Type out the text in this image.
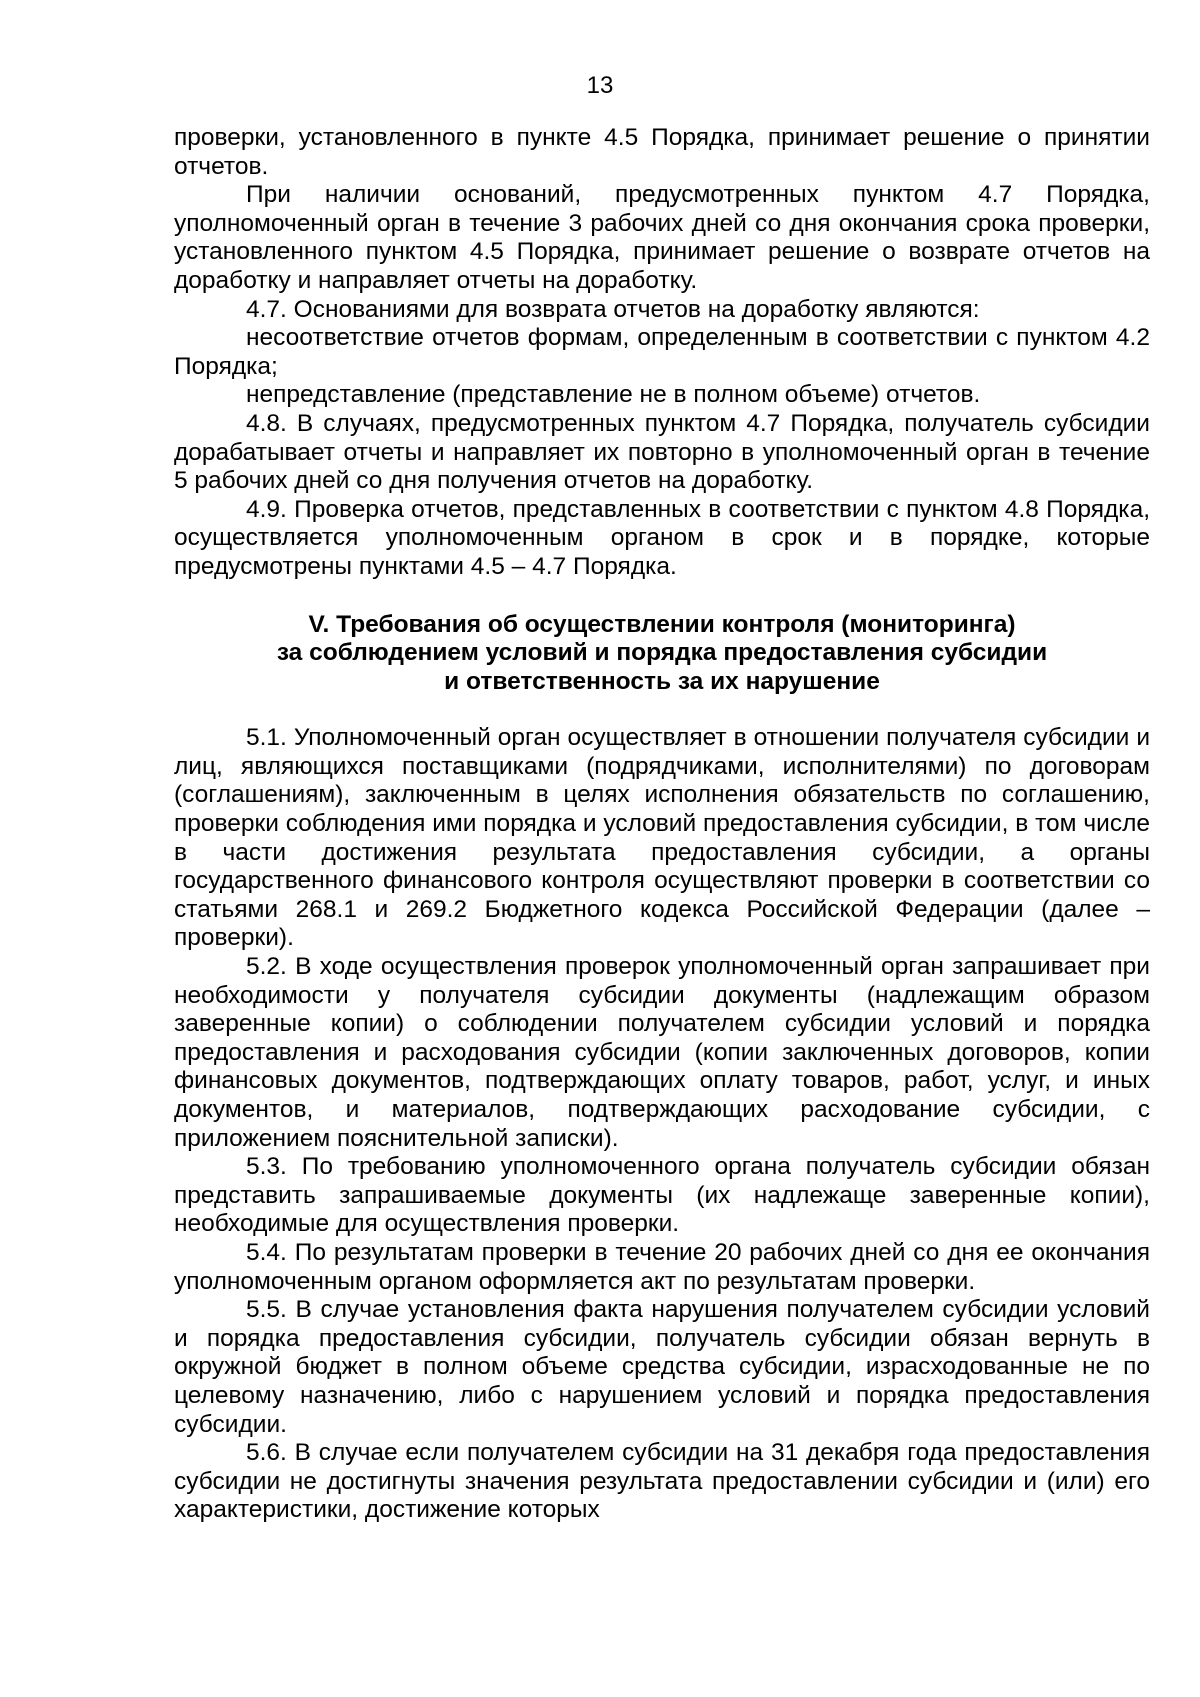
13

проверки, установленного в пункте 4.5 Порядка, принимает решение о принятии отчетов.

При наличии оснований, предусмотренных пунктом 4.7 Порядка, уполномоченный орган в течение 3 рабочих дней со дня окончания срока проверки, установленного пунктом 4.5 Порядка, принимает решение о возврате отчетов на доработку и направляет отчеты на доработку.

4.7. Основаниями для возврата отчетов на доработку являются:

несоответствие отчетов формам, определенным в соответствии с пунктом 4.2 Порядка;

непредставление (представление не в полном объеме) отчетов.

4.8. В случаях, предусмотренных пунктом 4.7 Порядка, получатель субсидии дорабатывает отчеты и направляет их повторно в уполномоченный орган в течение 5 рабочих дней со дня получения отчетов на доработку.

4.9. Проверка отчетов, представленных в соответствии с пунктом 4.8 Порядка, осуществляется уполномоченным органом в срок и в порядке, которые предусмотрены пунктами 4.5 – 4.7 Порядка.

V. Требования об осуществлении контроля (мониторинга)
за соблюдением условий и порядка предоставления субсидии
и ответственность за их нарушение

5.1. Уполномоченный орган осуществляет в отношении получателя субсидии и лиц, являющихся поставщиками (подрядчиками, исполнителями) по договорам (соглашениям), заключенным в целях исполнения обязательств по соглашению, проверки соблюдения ими порядка и условий предоставления субсидии, в том числе в части достижения результата предоставления субсидии, а органы государственного финансового контроля осуществляют проверки в соответствии со статьями 268.1 и 269.2 Бюджетного кодекса Российской Федерации (далее – проверки).

5.2. В ходе осуществления проверок уполномоченный орган запрашивает при необходимости у получателя субсидии документы (надлежащим образом заверенные копии) о соблюдении получателем субсидии условий и порядка предоставления и расходования субсидии (копии заключенных договоров, копии финансовых документов, подтверждающих оплату товаров, работ, услуг, и иных документов, и материалов, подтверждающих расходование субсидии, с приложением пояснительной записки).

5.3. По требованию уполномоченного органа получатель субсидии обязан представить запрашиваемые документы (их надлежаще заверенные копии), необходимые для осуществления проверки.

5.4. По результатам проверки в течение 20 рабочих дней со дня ее окончания уполномоченным органом оформляется акт по результатам проверки.

5.5. В случае установления факта нарушения получателем субсидии условий и порядка предоставления субсидии, получатель субсидии обязан вернуть в окружной бюджет в полном объеме средства субсидии, израсходованные не по целевому назначению, либо с нарушением условий и порядка предоставления субсидии.

5.6. В случае если получателем субсидии на 31 декабря года предоставления субсидии не достигнуты значения результата предоставлении субсидии и (или) его характеристики, достижение которых
